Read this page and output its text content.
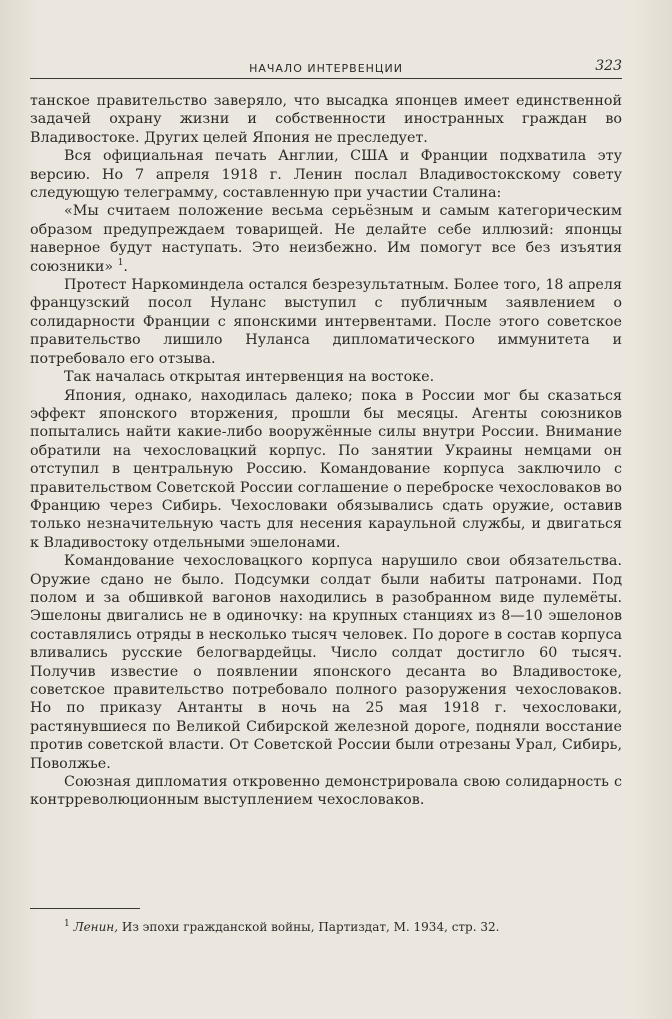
НАЧАЛО ИНТЕРВЕНЦИИ	323

танское правительство заверяло, что высадка японцев имеет единственной задачей охрану жизни и собственности иностранных граждан во Владивостоке. Других целей Япония не преследует.

Вся официальная печать Англии, США и Франции подхватила эту версию. Но 7 апреля 1918 г. Ленин послал Владивостокскому совету следующую телеграмму, составленную при участии Сталина:

«Мы считаем положение весьма серьёзным и самым категорическим образом предупреждаем товарищей. Не делайте себе иллюзий: японцы наверное будут наступать. Это неизбежно. Им помогут все без изъятия союзники» $^1$.

Протест Наркоминдела остался безрезультатным. Более того, 18 апреля французский посол Нуланс выступил с публичным заявлением о солидарности Франции с японскими интервентами. После этого советское правительство лишило Нуланса дипломатического иммунитета и потребовало его отзыва.

Так началась открытая интервенция на востоке.

Япония, однако, находилась далеко; пока в России мог бы сказаться эффект японского вторжения, прошли бы месяцы. Агенты союзников попытались найти какие-либо вооружённые силы внутри России. Внимание обратили на чехословацкий корпус. По занятии Украины немцами он отступил в центральную Россию. Командование корпуса заключило с правительством Советской России соглашение о переброске чехословаков во Францию через Сибирь. Чехословаки обязывались сдать оружие, оставив только незначительную часть для несения караульной службы, и двигаться к Владивостоку отдельными эшелонами.

Командование чехословацкого корпуса нарушило свои обязательства. Оружие сдано не было. Подсумки солдат были набиты патронами. Под полом и за обшивкой вагонов находились в разобранном виде пулемёты. Эшелоны двигались не в одиночку: на крупных станциях из 8—10 эшелонов составлялись отряды в несколько тысяч человек. По дороге в состав корпуса вливались русские белогвардейцы. Число солдат достигло 60 тысяч. Получив известие о появлении японского десанта во Владивостоке, советское правительство потребовало полного разоружения чехословаков. Но по приказу Антанты в ночь на 25 мая 1918 г. чехословаки, растянувшиеся по Великой Сибирской железной дороге, подняли восстание против советской власти. От Советской России были отрезаны Урал, Сибирь, Поволжье.

Союзная дипломатия откровенно демонстрировала свою солидарность с контрреволюционным выступлением чехословаков.

$^1$ Ленин, Из эпохи гражданской войны, Партиздат, М. 1934, стр. 32.
